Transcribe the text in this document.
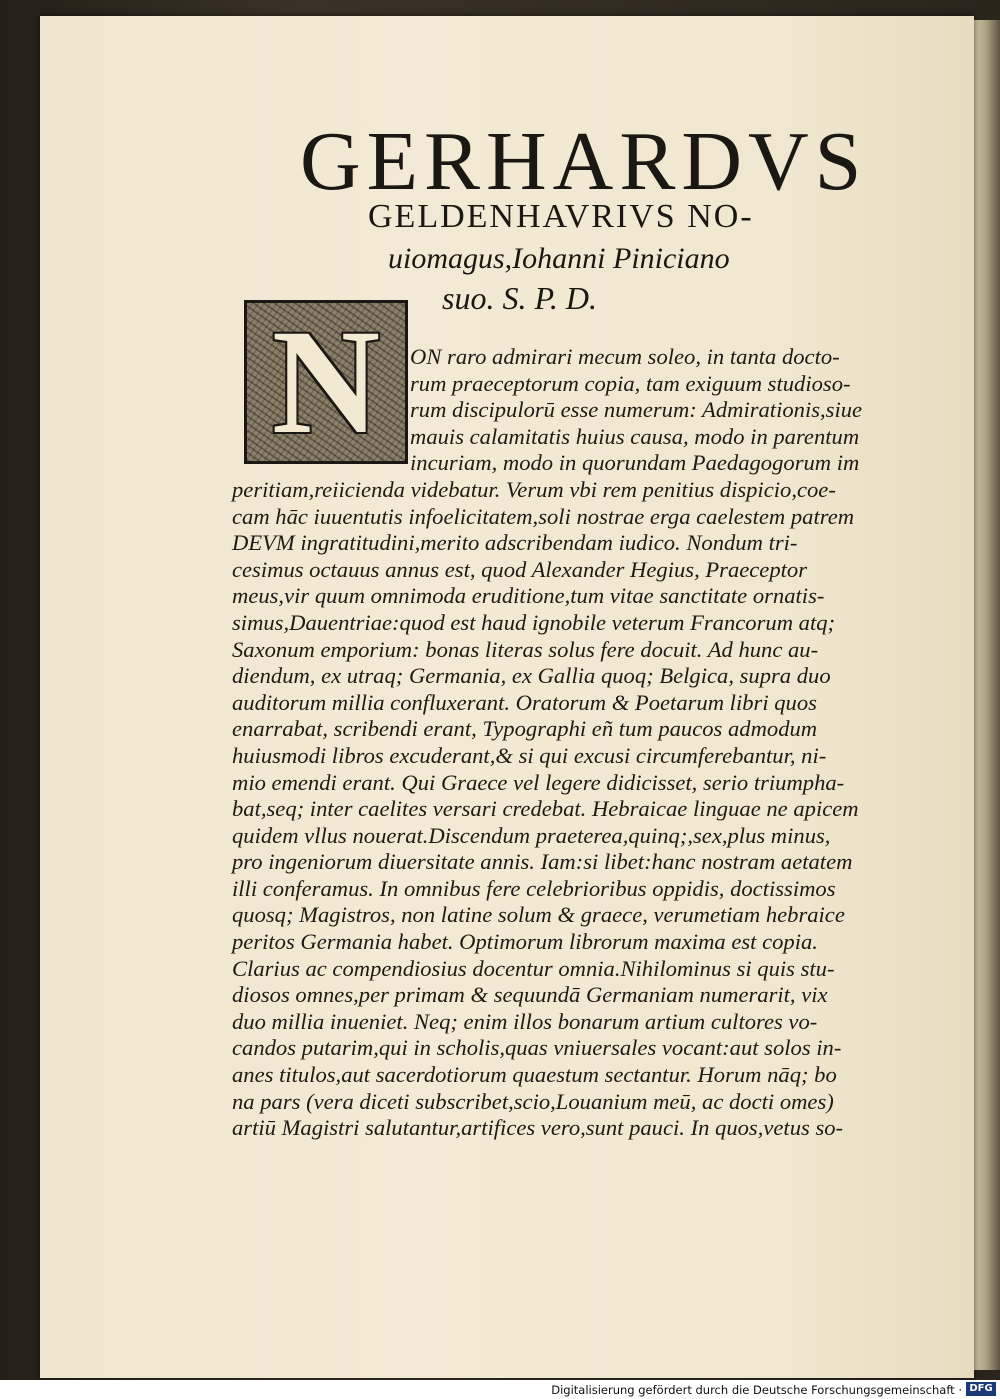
GERHARDVS
GELDENHAVRIVS NO‑
uiomagus,Iohanni Piniciano
suo. S. P. D.
N	ON raro admirari mecum soleo, in tanta docto‑
rum praeceptorum copia, tam exiguum studioso‑
rum discipulorū esse numerum: Admirationis,siue
mauis calamitatis huius causa, modo in parentum
incuriam, modo in quorundam Paedagogorum im
peritiam,reiicienda videbatur. Verum vbi rem penitius dispicio,coe‑
cam hāc iuuentutis infoelicitatem,soli nostrae erga caelestem patrem
DEVM ingratitudini,merito adscribendam iudico. Nondum tri‑
cesimus octauus annus est, quod Alexander Hegius, Praeceptor
meus,vir quum omnimoda eruditione,tum vitae sanctitate ornatis‑
simus,Dauentriae:quod est haud ignobile veterum Francorum atq;
Saxonum emporium: bonas literas solus fere docuit. Ad hunc au‑
diendum, ex utraq; Germania, ex Gallia quoq; Belgica, supra duo
auditorum millia confluxerant. Oratorum & Poetarum libri quos
enarrabat, scribendi erant, Typographi eñ tum paucos admodum
huiusmodi libros excuderant,& si qui excusi circumferebantur, ni‑
mio emendi erant. Qui Graece vel legere didicisset, serio triumpha‑
bat,seq; inter caelites versari credebat. Hebraicae linguae ne apicem
quidem vllus nouerat.Discendum praeterea,quinq;,sex,plus minus,
pro ingeniorum diuersitate annis. Iam:si libet:hanc nostram aetatem
illi conferamus. In omnibus fere celebrioribus oppidis, doctissimos
quosq; Magistros, non latine solum & graece, verumetiam hebraice
peritos Germania habet. Optimorum librorum maxima est copia.
Clarius ac compendiosius docentur omnia.Nihilominus si quis stu‑
diosos omnes,per primam & sequundā Germaniam numerarit, vix
duo millia inueniet. Neq; enim illos bonarum artium cultores vo‑
candos putarim,qui in scholis,quas vniuersales vocant:aut solos in‑
anes titulos,aut sacerdotiorum quaestum sectantur. Horum nāq; bo
na pars (vera diceti subscribet,scio,Louanium meū, ac docti omes)
artiū Magistri salutantur,artifices vero,sunt pauci. In quos,vetus so‑
Digitalisierung gefördert durch die Deutsche Forschungsgemeinschaft · DFG
